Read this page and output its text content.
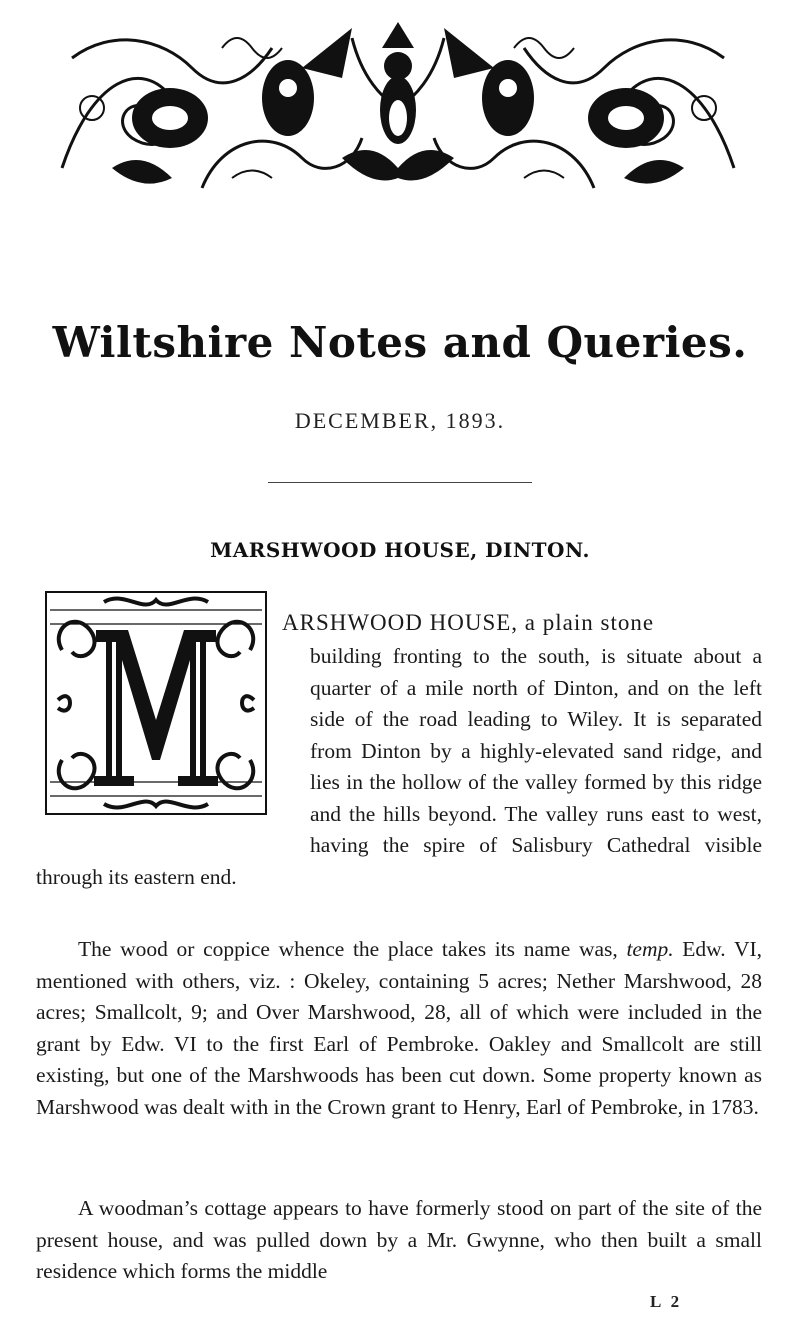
Wiltshire Notes and Queries.
DECEMBER, 1893.
MARSHWOOD HOUSE, DINTON.
ARSHWOOD HOUSE, a plain stone

building fronting to the south, is situate about a quarter of a mile north of Dinton, and on the left side of the road leading to Wiley. It is separated from Dinton by a highly-elevated sand ridge, and lies in the hollow of the valley formed by this ridge and the hills beyond. The valley runs east to west, having the spire of Salisbury Cathedral visible through its eastern end.

The wood or coppice whence the place takes its name was, temp. Edw. VI, mentioned with others, viz. : Okeley, containing 5 acres; Nether Marshwood, 28 acres; Smallcolt, 9; and Over Marshwood, 28, all of which were included in the grant by Edw. VI to the first Earl of Pembroke. Oakley and Smallcolt are still existing, but one of the Marshwoods has been cut down. Some property known as Marshwood was dealt with in the Crown grant to Henry, Earl of Pembroke, in 1783.

A woodman’s cottage appears to have formerly stood on part of the site of the present house, and was pulled down by a Mr. Gwynne, who then built a small residence which forms the middle

L 2
